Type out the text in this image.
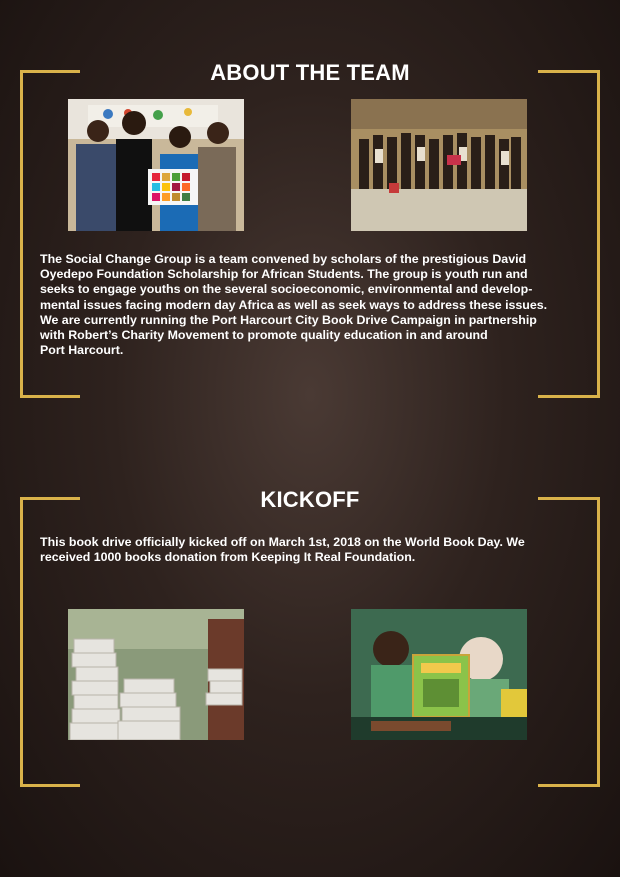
ABOUT THE TEAM
The Social Change Group is a team convened by scholars of the prestigious David
Oyedepo Foundation Scholarship for African Students. The group is youth run and
seeks to engage youths on the several socioeconomic, environmental and develop-
mental issues facing modern day Africa as well as seek ways to address these issues.
We are currently running the Port Harcourt City Book Drive Campaign in partnership
with Robert’s Charity Movement to promote quality education in and around
Port Harcourt.
KICKOFF
This book drive officially kicked off on March 1st, 2018 on the World Book Day. We
received 1000 books donation from Keeping It Real Foundation.
